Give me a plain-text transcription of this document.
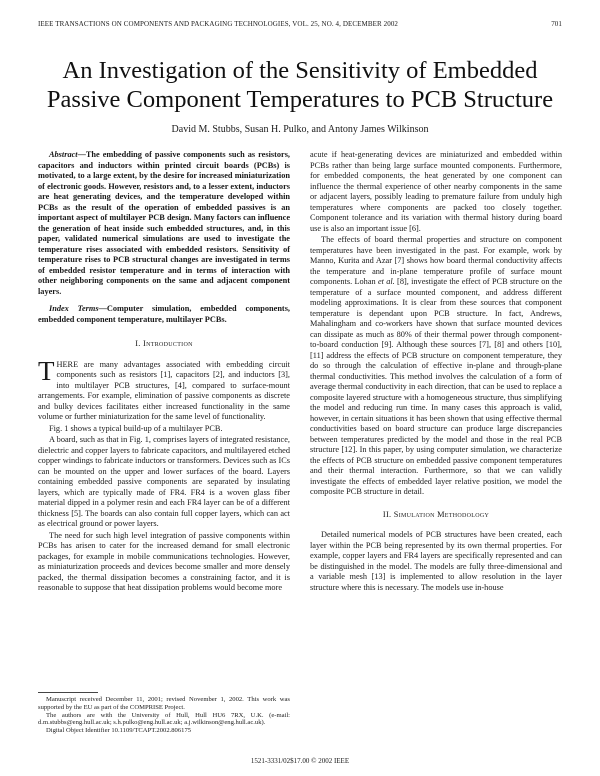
IEEE TRANSACTIONS ON COMPONENTS AND PACKAGING TECHNOLOGIES, VOL. 25, NO. 4, DECEMBER 2002	701
An Investigation of the Sensitivity of Embedded
Passive Component Temperatures to PCB Structure
David M. Stubbs, Susan H. Pulko, and Antony James Wilkinson

Abstract—The embedding of passive components such as resistors, capacitors and inductors within printed circuit boards (PCBs) is motivated, to a large extent, by the desire for increased miniaturization of electronic goods. However, resistors and, to a lesser extent, inductors are heat generating devices, and the temperature developed within PCBs as the result of the operation of embedded passives is an important aspect of multilayer PCB design. Many factors can influence the generation of heat inside such embedded structures, and, in this paper, validated numerical simulations are used to investigate the temperature rises associated with embedded resistors. Sensitivity of temperature rises to PCB structural changes are investigated in terms of embedded resistor temperature and in terms of interaction with other neighboring components on the same and adjacent component layers.

Index Terms—Computer simulation, embedded components, embedded component temperature, multilayer PCBs.

I. Introduction

THERE are many advantages associated with embedding circuit components such as resistors [1], capacitors [2], and inductors [3], into multilayer PCB structures, [4], compared to surface-mount arrangements. For example, elimination of passive components as discrete and bulky devices facilitates either increased functionality in the same volume or further miniaturization for the same level of functionality.

Fig. 1 shows a typical build-up of a multilayer PCB.

A board, such as that in Fig. 1, comprises layers of integrated resistance, dielectric and copper layers to fabricate capacitors, and multilayered etched copper windings to fabricate inductors or transformers. Devices such as ICs can be mounted on the upper and lower surfaces of the board. Layers containing embedded passive components are separated by insulating layers, which are typically made of FR4. FR4 is a woven glass fiber material dipped in a polymer resin and each FR4 layer can be of a different thickness [5]. The boards can also contain full copper layers, which can act as electrical ground or power layers.

The need for such high level integration of passive components within PCBs has arisen to cater for the increased demand for small electronic packages, for example in mobile communications technologies. However, as miniaturization proceeds and devices become smaller and more densely packed, the thermal dissipation becomes a constraining factor, and it is reasonable to suppose that heat dissipation problems would become more

Manuscript received December 11, 2001; revised November 1, 2002. This work was supported by the EU as part of the COMPRISE Project.
The authors are with the University of Hull, Hull HU6 7RX, U.K. (e-mail: d.m.stubbs@eng.hull.ac.uk; s.h.pulko@eng.hull.ac.uk; a.j.wilkinson@eng.hull.ac.uk).
Digital Object Identifier 10.1109/TCAPT.2002.806175

acute if heat-generating devices are miniaturized and embedded within PCBs rather than being large surface mounted components. Furthermore, for embedded components, the heat generated by one component can influence the thermal experience of other nearby components in the same or adjacent layers, possibly leading to premature failure from unduly high temperatures where components are packed too closely together. Component tolerance and its variation with thermal history during board use is also an important issue [6].

The effects of board thermal properties and structure on component temperatures have been investigated in the past. For example, work by Manno, Kurita and Azar [7] shows how board thermal conductivity affects the temperature and in-plane temperature profile of surface mount components. Lohan et al. [8], investigate the effect of PCB structure on the temperature of a surface mounted component, and address different modeling approximations. It is clear from these sources that component temperature is dependant upon PCB structure. In fact, Andrews, Mahalingham and co-workers have shown that surface mounted devices can dissipate as much as 80% of their thermal power through component-to-board conduction [9]. Although these sources [7], [8] and others [10], [11] address the effects of PCB structure on component temperature, they do so through the calculation of effective in-plane and through-plane thermal conductivities. This method involves the calculation of a form of average thermal conductivity in each direction, that can be used to replace a composite layered structure with a homogeneous structure, thus simplifying the model and reducing run time. In many cases this approach is valid, however, in certain situations it has been shown that using effective thermal conductivities based on board structure can produce large discrepancies between temperatures predicted by the model and those in the real PCB structure [12]. In this paper, by using computer simulation, we characterize the effects of PCB structure on embedded passive component temperatures and their thermal interaction. Furthermore, so that we can validly investigate the effects of embedded layer relative position, we model the composite PCB structure in detail.

II. Simulation Methodology

Detailed numerical models of PCB structures have been created, each layer within the PCB being represented by its own thermal properties. For example, copper layers and FR4 layers are specifically represented and can be distinguished in the model. The models are fully three-dimensional and a variable mesh [13] is implemented to allow resolution in the layer structure where this is necessary. The models use in-house

1521-3331/02$17.00 © 2002 IEEE
